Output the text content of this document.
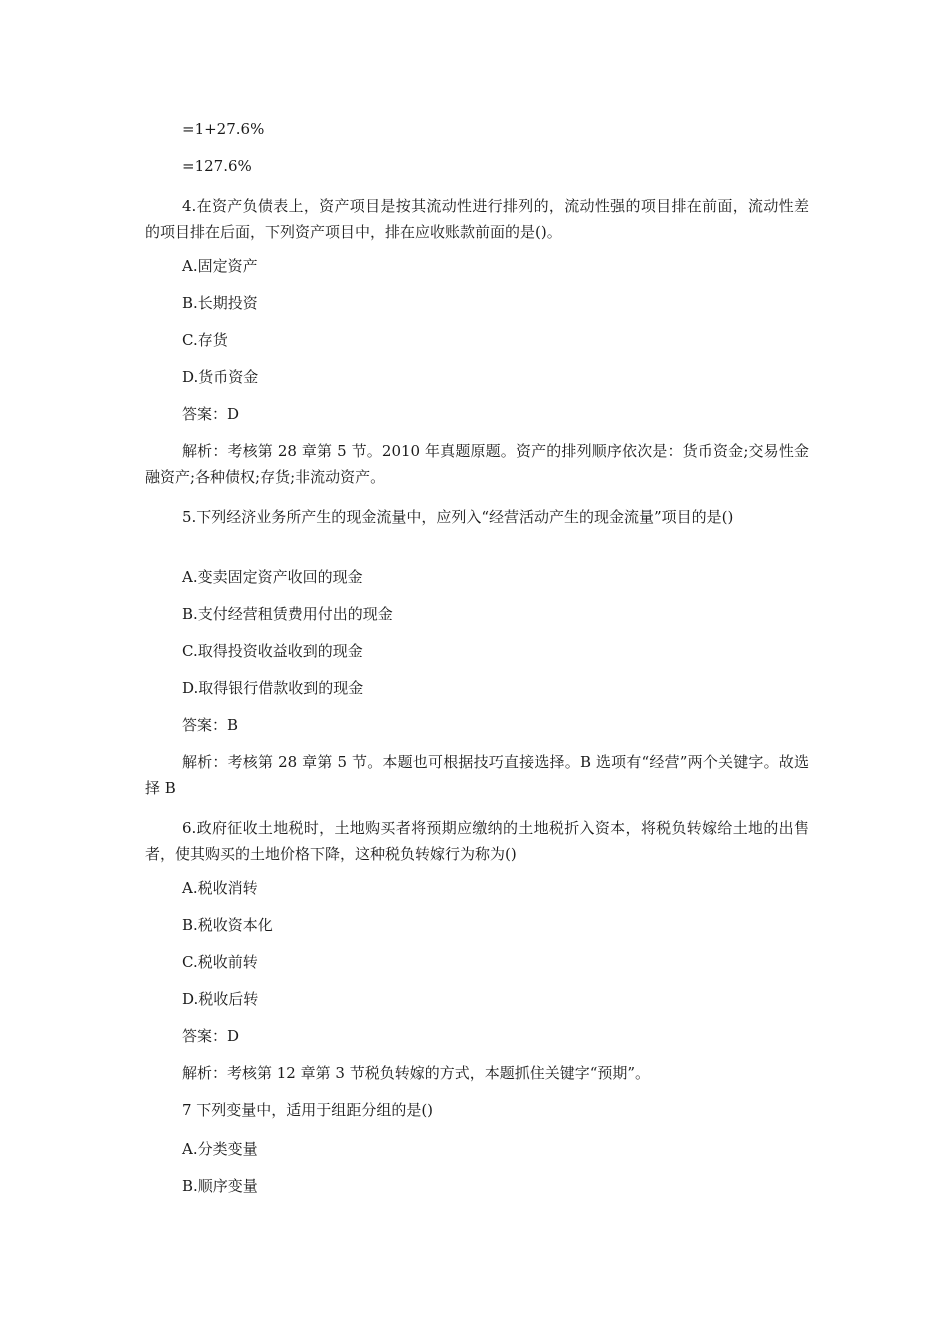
=1+27.6%
=127.6%
4.在资产负债表上，资产项目是按其流动性进行排列的，流动性强的项目排在前面，流动性差的项目排在后面，下列资产项目中，排在应收账款前面的是()。
A.固定资产
B.长期投资
C.存货
D.货币资金
答案：D
解析：考核第 28 章第 5 节。2010 年真题原题。资产的排列顺序依次是：货币资金;交易性金融资产;各种债权;存货;非流动资产。
5.下列经济业务所产生的现金流量中，应列入“经营活动产生的现金流量”项目的是()
A.变卖固定资产收回的现金
B.支付经营租赁费用付出的现金
C.取得投资收益收到的现金
D.取得银行借款收到的现金
答案：B
解析：考核第 28 章第 5 节。本题也可根据技巧直接选择。B 选项有“经营”两个关键字。故选择 B
6.政府征收土地税时，土地购买者将预期应缴纳的土地税折入资本，将税负转嫁给土地的出售者，使其购买的土地价格下降，这种税负转嫁行为称为()
A.税收消转
B.税收资本化
C.税收前转
D.税收后转
答案：D
解析：考核第 12 章第 3 节税负转嫁的方式，本题抓住关键字“预期”。
7 下列变量中，适用于组距分组的是()
A.分类变量
B.顺序变量
